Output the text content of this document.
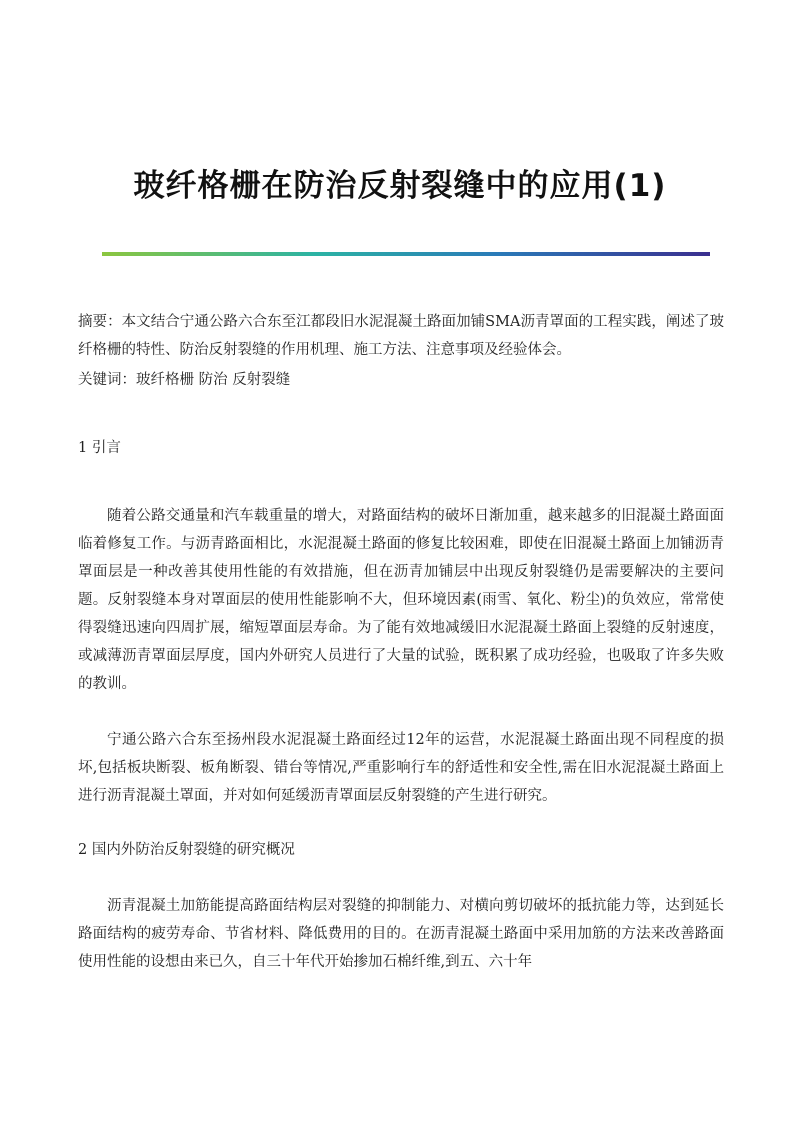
玻纤格栅在防治反射裂缝中的应用(1)

摘要：本文结合宁通公路六合东至江都段旧水泥混凝土路面加铺SMA沥青罩面的工程实践，阐述了玻纤格栅的特性、防治反射裂缝的作用机理、施工方法、注意事项及经验体会。

关键词：玻纤格栅 防治 反射裂缝

1 引言

随着公路交通量和汽车载重量的增大，对路面结构的破坏日渐加重，越来越多的旧混凝土路面面临着修复工作。与沥青路面相比，水泥混凝土路面的修复比较困难，即使在旧混凝土路面上加铺沥青罩面层是一种改善其使用性能的有效措施，但在沥青加铺层中出现反射裂缝仍是需要解决的主要问题。反射裂缝本身对罩面层的使用性能影响不大，但环境因素(雨雪、氧化、粉尘)的负效应，常常使得裂缝迅速向四周扩展，缩短罩面层寿命。为了能有效地减缓旧水泥混凝土路面上裂缝的反射速度，或减薄沥青罩面层厚度，国内外研究人员进行了大量的试验，既积累了成功经验，也吸取了许多失败的教训。

宁通公路六合东至扬州段水泥混凝土路面经过12年的运营，水泥混凝土路面出现不同程度的损坏,包括板块断裂、板角断裂、错台等情况,严重影响行车的舒适性和安全性,需在旧水泥混凝土路面上进行沥青混凝土罩面，并对如何延缓沥青罩面层反射裂缝的产生进行研究。

2 国内外防治反射裂缝的研究概况

沥青混凝土加筋能提高路面结构层对裂缝的抑制能力、对横向剪切破坏的抵抗能力等，达到延长路面结构的疲劳寿命、节省材料、降低费用的目的。在沥青混凝土路面中采用加筋的方法来改善路面使用性能的设想由来已久，自三十年代开始掺加石棉纤维,到五、六十年
